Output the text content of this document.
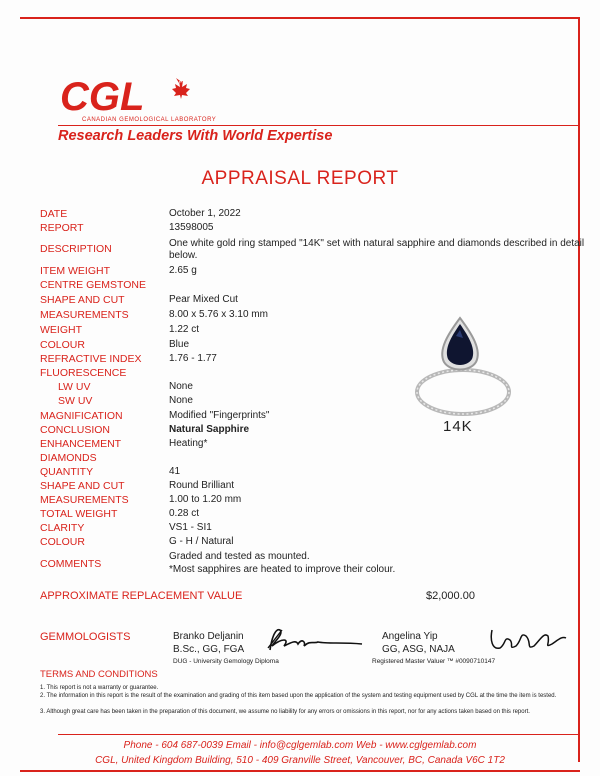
CGL
CANADIAN GEMOLOGICAL LABORATORY
Research Leaders With World Expertise
APPRAISAL REPORT
DATE	October 1, 2022
REPORT	13598005
DESCRIPTION	One white gold ring stamped "14K" set with natural sapphire and diamonds described in detail below.
ITEM WEIGHT	2.65 g
CENTRE GEMSTONE
SHAPE AND CUT	Pear Mixed Cut
MEASUREMENTS	8.00 x 5.76 x 3.10 mm
WEIGHT	1.22 ct
COLOUR	Blue
REFRACTIVE INDEX	1.76 - 1.77
FLUORESCENCE
LW UV	None
SW UV	None
MAGNIFICATION	Modified "Fingerprints"
CONCLUSION	Natural Sapphire
ENHANCEMENT	Heating*
DIAMONDS
QUANTITY	41
SHAPE AND CUT	Round Brilliant
MEASUREMENTS	1.00 to 1.20 mm
TOTAL WEIGHT	0.28 ct
CLARITY	VS1 - SI1
COLOUR	G - H / Natural
COMMENTS
Graded and tested as mounted.
*Most sapphires are heated to improve their colour.
14K
APPROXIMATE REPLACEMENT VALUE	$2,000.00
GEMMOLOGISTS	Branko Deljanin
B.Sc., GG, FGA
DUG - University Gemology Diploma
Angelina Yip
GG, ASG, NAJA
Registered Master Valuer ™ #0090710147
TERMS AND CONDITIONS
1. This report is not a warranty or guarantee.
2. The information in this report is the result of the examination and grading of this item based upon the application of the system and testing equipment used by CGL at the time the item is tested.
3. Although great care has been taken in the preparation of this document, we assume no liability for any errors or omissions in this report, nor for any actions taken based on this report.
Phone - 604 687-0039 Email - info@cglgemlab.com Web - www.cglgemlab.com
CGL, United Kingdom Building, 510 - 409 Granville Street, Vancouver, BC, Canada V6C 1T2
